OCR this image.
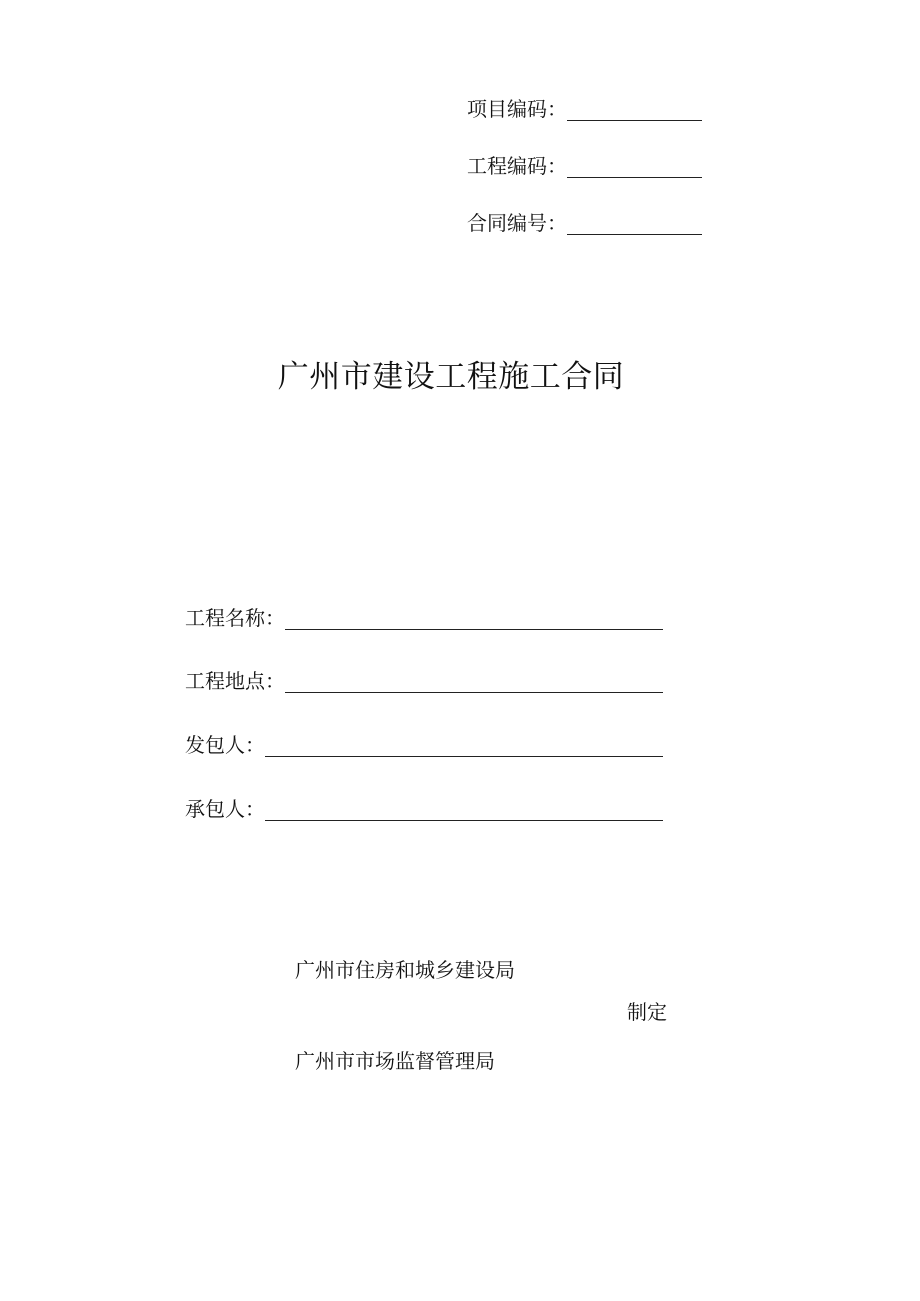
项目编码：
工程编码：
合同编号：
广州市建设工程施工合同
工程名称：
工程地点：
发包人：
承包人：
广州市住房和城乡建设局
制定
广州市市场监督管理局
